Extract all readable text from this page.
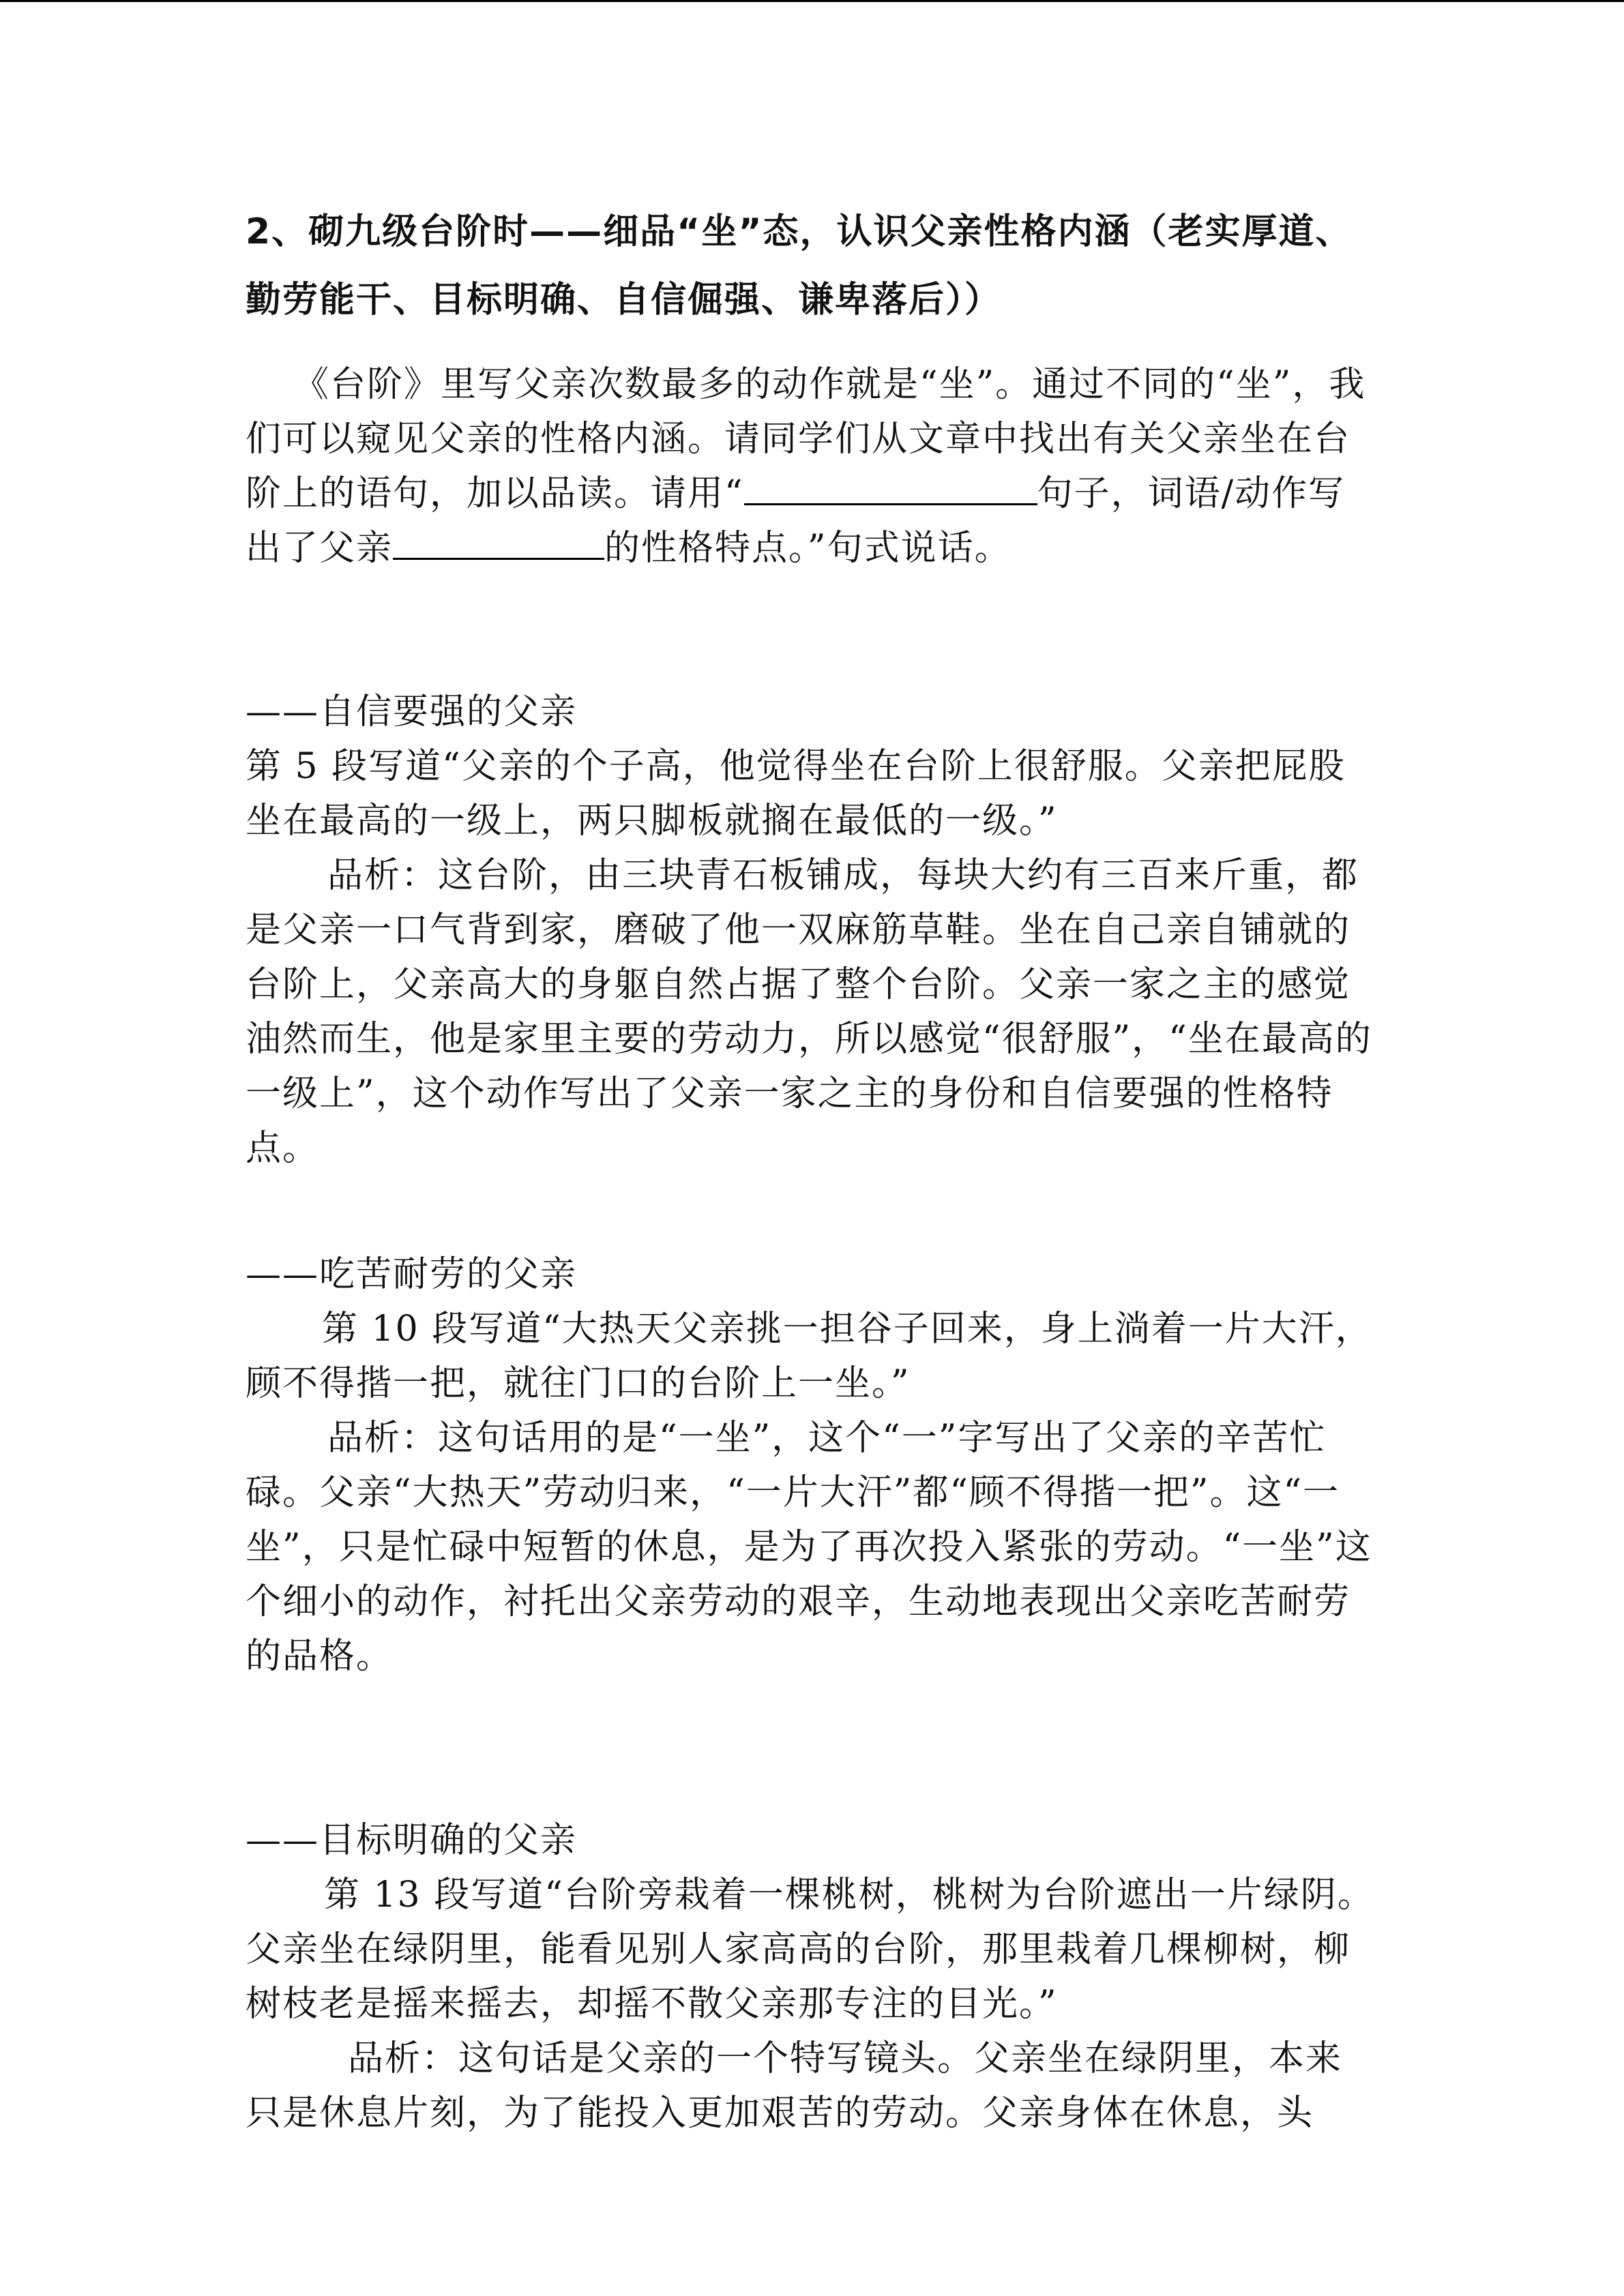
2、砌九级台阶时——细品“坐”态，认识父亲性格内涵（老实厚道、勤劳能干、目标明确、自信倔强、谦卑落后））

《台阶》里写父亲次数最多的动作就是“坐”。通过不同的“坐”，我们可以窥见父亲的性格内涵。请同学们从文章中找出有关父亲坐在台阶上的语句，加以品读。请用“	句子，词语/动作写出了父亲	的性格特点。”句式说话。

——自信要强的父亲

第 5 段写道“父亲的个子高，他觉得坐在台阶上很舒服。父亲把屁股坐在最高的一级上，两只脚板就搁在最低的一级。”

品析：这台阶，由三块青石板铺成，每块大约有三百来斤重，都是父亲一口气背到家，磨破了他一双麻筋草鞋。坐在自己亲自铺就的台阶上，父亲高大的身躯自然占据了整个台阶。父亲一家之主的感觉油然而生，他是家里主要的劳动力，所以感觉“很舒服”，“坐在最高的一级上”，这个动作写出了父亲一家之主的身份和自信要强的性格特点。

——吃苦耐劳的父亲

第 10 段写道“大热天父亲挑一担谷子回来，身上淌着一片大汗，顾不得揩一把，就往门口的台阶上一坐。”

品析：这句话用的是“一坐”，这个“一”字写出了父亲的辛苦忙碌。父亲“大热天”劳动归来，“一片大汗”都“顾不得揩一把”。这“一坐”，只是忙碌中短暂的休息，是为了再次投入紧张的劳动。“一坐”这个细小的动作，衬托出父亲劳动的艰辛，生动地表现出父亲吃苦耐劳的品格。

——目标明确的父亲

第 13 段写道“台阶旁栽着一棵桃树，桃树为台阶遮出一片绿阴。父亲坐在绿阴里，能看见别人家高高的台阶，那里栽着几棵柳树，柳树枝老是摇来摇去，却摇不散父亲那专注的目光。”

品析：这句话是父亲的一个特写镜头。父亲坐在绿阴里，本来只是休息片刻，为了能投入更加艰苦的劳动。父亲身体在休息，头
